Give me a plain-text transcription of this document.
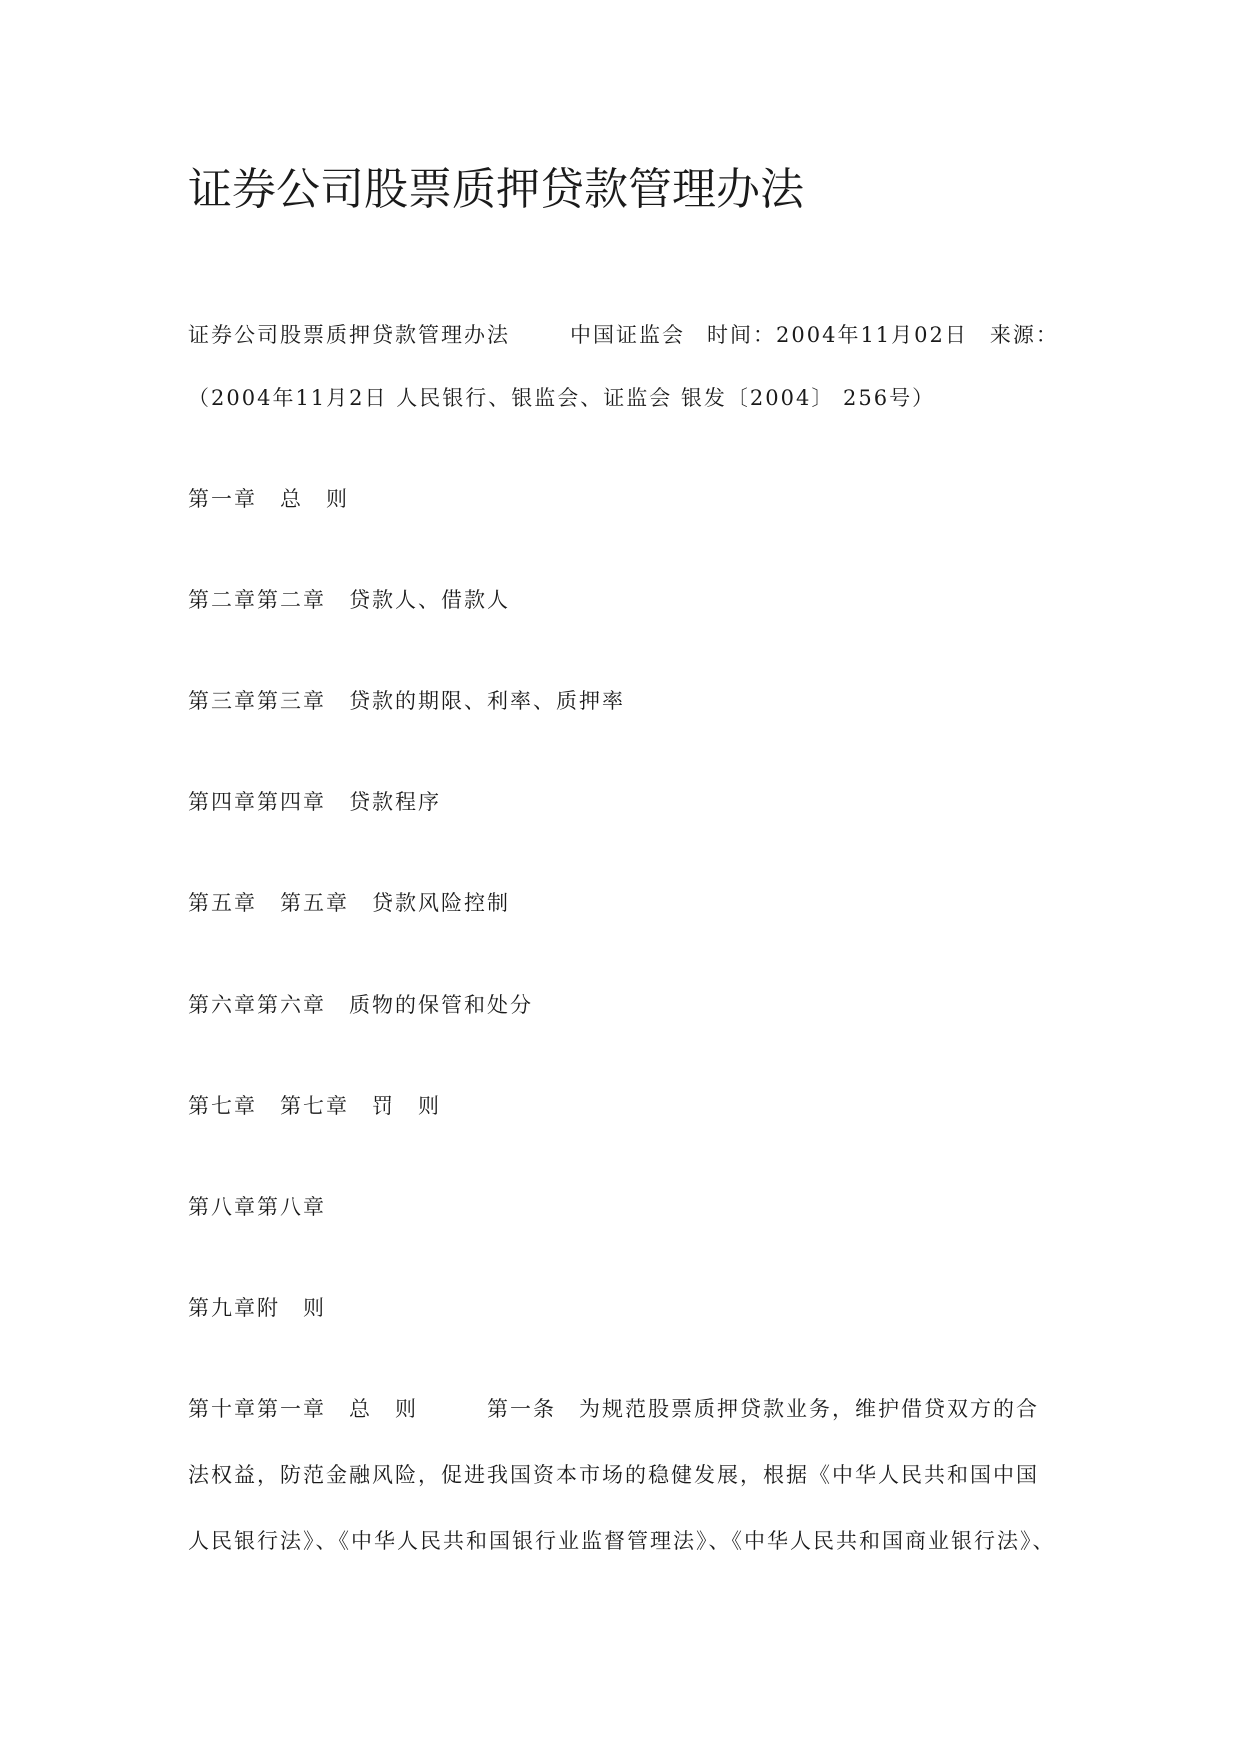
证券公司股票质押贷款管理办法
证券公司股票质押贷款管理办法	中国证监会 时间：2004年11月02日 来源：
（2004年11月2日 人民银行、银监会、证监会 银发〔2004〕 256号）
第一章　总　则
第二章第二章　贷款人、借款人
第三章第三章　贷款的期限、利率、质押率
第四章第四章　贷款程序
第五章　第五章　贷款风险控制
第六章第六章　质物的保管和处分
第七章　第七章　罚　则
第八章第八章
第九章附　则
第十章第一章　总　则　　　第一条　为规范股票质押贷款业务，维护借贷双方的合
法权益，防范金融风险，促进我国资本市场的稳健发展，根据《中华人民共和国中国
人民银行法》、《中华人民共和国银行业监督管理法》、《中华人民共和国商业银行法》、
